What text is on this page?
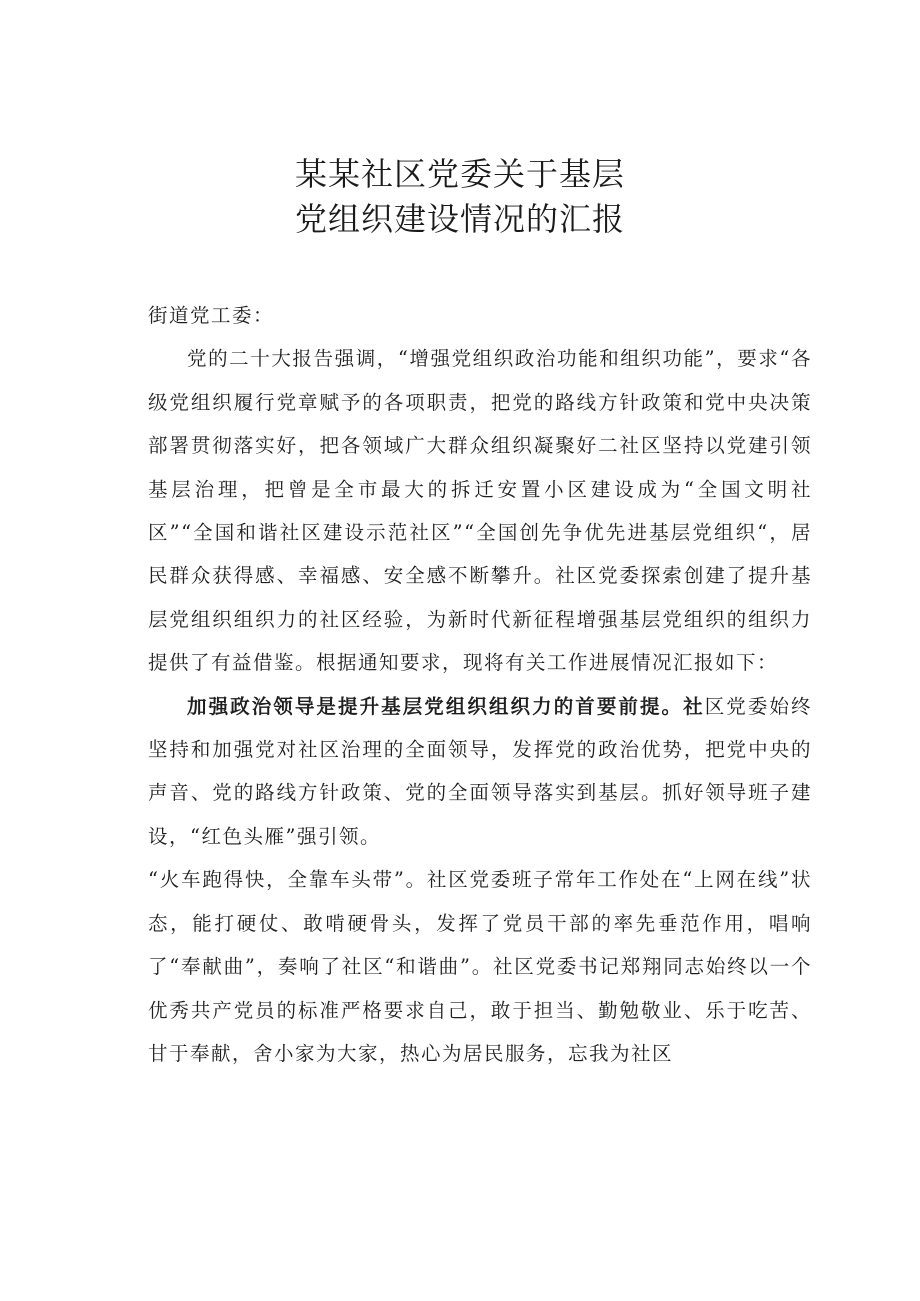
某某社区党委关于基层
党组织建设情况的汇报

街道党工委：

党的二十大报告强调，“增强党组织政治功能和组织功能”，要求“各级党组织履行党章赋予的各项职责，把党的路线方针政策和党中央决策部署贯彻落实好，把各领域广大群众组织凝聚好二社区坚持以党建引领基层治理，把曾是全市最大的拆迁安置小区建设成为“全国文明社区”“全国和谐社区建设示范社区”“全国创先争优先进基层党组织“，居民群众获得感、幸福感、安全感不断攀升。社区党委探索创建了提升基层党组织组织力的社区经验，为新时代新征程增强基层党组织的组织力提供了有益借鉴。根据通知要求，现将有关工作进展情况汇报如下：

加强政治领导是提升基层党组织组织力的首要前提。社区党委始终坚持和加强党对社区治理的全面领导，发挥党的政治优势，把党中央的声音、党的路线方针政策、党的全面领导落实到基层。抓好领导班子建设，“红色头雁”强引领。

“火车跑得快，全靠车头带”。社区党委班子常年工作处在“上网在线”状态，能打硬仗、敢啃硬骨头，发挥了党员干部的率先垂范作用，唱响了“奉献曲”，奏响了社区“和谐曲”。社区党委书记郑翔同志始终以一个优秀共产党员的标准严格要求自己，敢于担当、勤勉敬业、乐于吃苦、甘于奉献，舍小家为大家，热心为居民服务，忘我为社区
